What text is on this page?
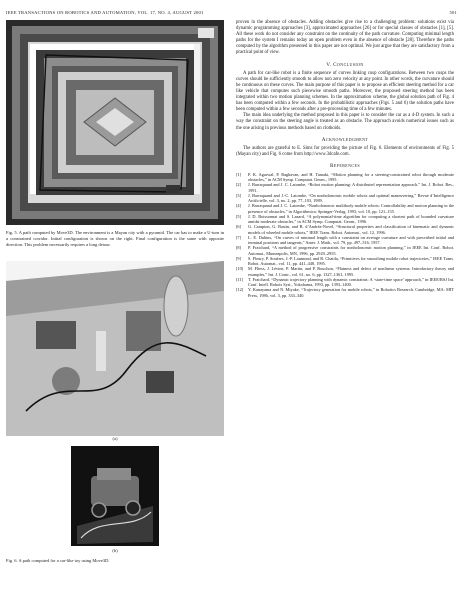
IEEE TRANSACTIONS ON ROBOTICS AND AUTOMATION, VOL. 17, NO. 4, AUGUST 2001	501
Fig. 5. A path computed by Move3D. The environment is a Mayan city with a pyramid. The car has to make a U-turn in a constrained corridor. Initial configuration is shown on the right. Final configuration is the same with opposite direction. This problem necessarily requires a long detour.
(a)
(b)
Fig. 6. A path computed for a car-like toy using Move3D.

proven in the absence of obstacles. Adding obstacles give rise to a challenging problem: solutions exist via dynamic programming approaches [3], approximated approaches [26] or for special classes of obstacles [1], [5]. All these work do not consider any constraint on the continuity of the path curvature. Computing minimal length paths for the system I remains today an open problem even in the absence of obstacle [28]. Therefore the paths computed by the algorithm presented in this paper are not optimal. We just argue that they are satisfactory from a practical point of view.

V. Conclusion

A path for car-like robot is a finite sequence of curves linking cusp configurations. Between two cusps the curves should be sufficiently smooth to allow non zero velocity at any point. In other words, the curvature should be continuous on these curves. The main purpose of this paper is to propose an efficient steering method for a car like vehicle that computes such piecewise smooth paths. Moreover, the proposed steering method has been integrated within two motion planning schemes. In the approximation scheme, the global solution path of Fig. 4 has been computed within a few seconds. In the probabilistic approaches (Figs. 5 and 6) the solution paths have been computed within a few seconds after a pre-processing time of a few minutes.

The main idea underlying the method proposed in this paper is to consider the car as a 4-D system. In such a way the constraint on the steering angle is treated as an obstacle. The approach avoids numerical issues such as the one arising in previous methods based on clothoids.

Acknowledgment

The authors are grateful to E. Sims for providing the picture of Fig. 6. Elements of environments of Fig. 5 (Mayan city) and Fig. 6 come from http://www.3dcafe.com.

References
[1]	P. K. Agarwal, P. Raghavan, and H. Tamaki, “Motion planning for a steering-constrained robot through moderate obstacles,” in ACM Symp. Computat. Geom., 1995.
[2]	J. Barraquand and J. C. Latombe, “Robot motion planning: A distributed representation approach,” Int. J. Robot. Res., 1991.
[3]	J. Barraquand and J.-C. Latombe, “On nonholonomic mobile robots and optimal maneuvering,” Revue d’Intelligence Artificielle, vol. 3, no. 2, pp. 77–103, 1989.
[4]	J. Barraquand and J. C. Latombe, “Nonholonomic multibody mobile robots: Controllability and motion planning in the presence of obstacles,” in Algorithmica: Springer-Verlag, 1993, vol. 10, pp. 121–155.
[5]	J. D. Boissonnat and S. Lazard, “A polynomial-time algorithm for computing a shortest path of bounded curvature amidst moderate obstacles,” in ACM Symp. Computat. Geom., 1996.
[6]	G. Campion, G. Bastin, and B. d’Andréa-Novel, “Structural properties and classification of kinematic and dynamic models of wheeled mobile robots,” IEEE Trans. Robot. Automat., vol. 12, 1996.
[7]	L. E. Dubins, “On curves of minimal length with a constraint on average curvature and with prescribed initial and terminal positions and tangents,” Amer. J. Math., vol. 79, pp. 497–516, 1957.
[8]	P. Fraichard, “A method of progressive constraints for nonholonomic motion planning,” in IEEE Int. Conf. Robot. Automat., Minneapolis, MN, 1996, pp. 2929–2955.
[9]	S. Fleury, P. Souères, J.-P. Laumond, and R. Chatila, “Primitives for smoothing mobile robot trajectories,” IEEE Trans. Robot. Automat., vol. 11, pp. 441–448, 1995.
[10]	M. Fliess, J. Lévine, P. Martin, and P. Rouchon, “Flatness and defect of nonlinear systems: Introductory theory and examples,” Int. J. Contr., vol. 61, no. 6, pp. 1327–1361, 1995.
[11]	T. Fraichard, “Dynamic trajectory planning with dynamic constraints: A ‘state-time space’ approach,” in IEEE/RSJ Int. Conf. Intell. Robots Syst., Yokohama, 1993, pp. 1393–1400.
[12]	Y. Kanayama and N. Miyake, “Trajectory generation for mobile robots,” in Robotics Research. Cambridge, MA: MIT Press, 1986, vol. 3, pp. 333–340.
